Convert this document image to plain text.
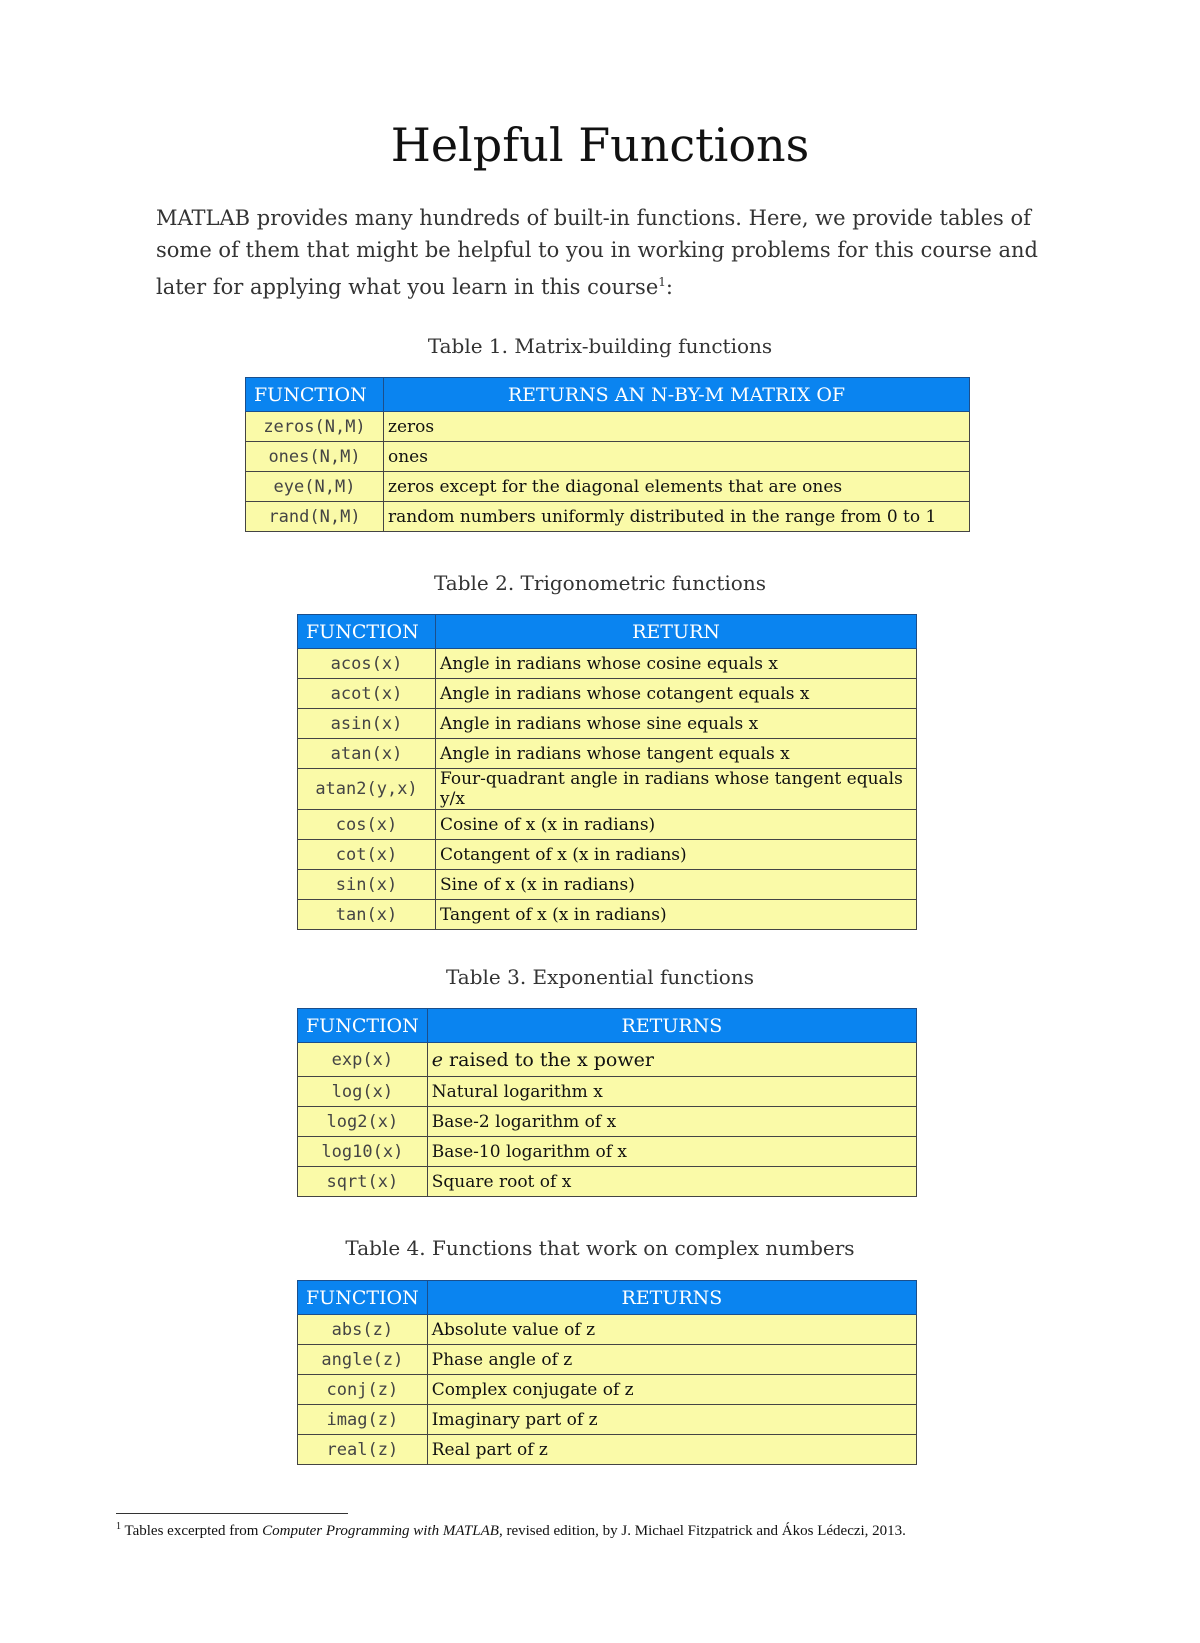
Helpful Functions

MATLAB provides many hundreds of built-in functions. Here, we provide tables of some of them that might be helpful to you in working problems for this course and later for applying what you learn in this course$^1$:

Table 1. Matrix-building functions

FUNCTION	RETURNS AN N-BY-M MATRIX OF
zeros(N,M)	zeros
ones(N,M)	ones
eye(N,M)	zeros except for the diagonal elements that are ones
rand(N,M)	random numbers uniformly distributed in the range from 0 to 1

Table 2. Trigonometric functions

FUNCTION	RETURN
acos(x)	Angle in radians whose cosine equals x
acot(x)	Angle in radians whose cotangent equals x
asin(x)	Angle in radians whose sine equals x
atan(x)	Angle in radians whose tangent equals x
atan2(y,x)	Four-quadrant angle in radians whose tangent equals y/x
cos(x)	Cosine of x (x in radians)
cot(x)	Cotangent of x (x in radians)
sin(x)	Sine of x (x in radians)
tan(x)	Tangent of x (x in radians)

Table 3. Exponential functions

FUNCTION	RETURNS
exp(x)	e raised to the x power
log(x)	Natural logarithm x
log2(x)	Base-2 logarithm of x
log10(x)	Base-10 logarithm of x
sqrt(x)	Square root of x

Table 4. Functions that work on complex numbers

FUNCTION	RETURNS
abs(z)	Absolute value of z
angle(z)	Phase angle of z
conj(z)	Complex conjugate of z
imag(z)	Imaginary part of z
real(z)	Real part of z

$^1$ Tables excerpted from Computer Programming with MATLAB, revised edition, by J. Michael Fitzpatrick and Ákos Lédeczi, 2013.
